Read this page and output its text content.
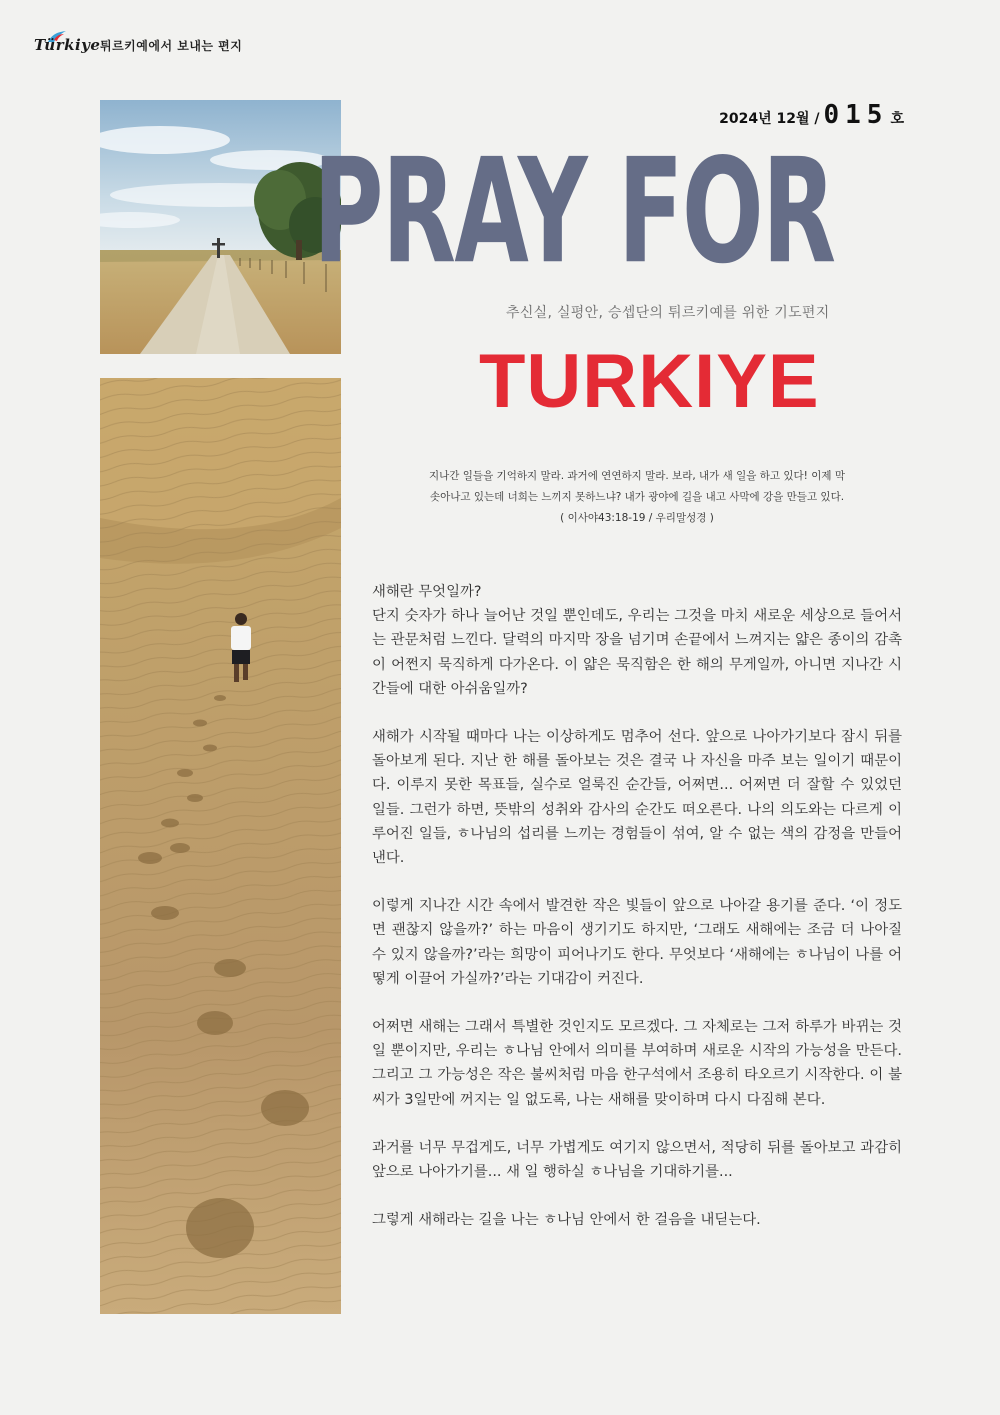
Türkiye 튀르키예에서 보내는 편지
2024년 12월 / 015 호
PRAY FOR
추신실, 실평안, 승셉단의 튀르키예를 위한 기도편지
TURKIYE
지나간 일들을 기억하지 말라. 과거에 연연하지 말라. 보라, 내가 새 일을 하고 있다! 이제 막
솟아나고 있는데 너희는 느끼지 못하느냐? 내가 광야에 길을 내고 사막에 강을 만들고 있다.
( 이사야43:18-19 / 우리말성경 )

새해란 무엇일까?
단지 숫자가 하나 늘어난 것일 뿐인데도, 우리는 그것을 마치 새로운 세상으로 들어서는 관문처럼 느낀다. 달력의 마지막 장을 넘기며 손끝에서 느껴지는 얇은 종이의 감촉이 어쩐지 묵직하게 다가온다. 이 얇은 묵직함은 한 해의 무게일까, 아니면 지나간 시간들에 대한 아쉬움일까?

새해가 시작될 때마다 나는 이상하게도 멈추어 선다. 앞으로 나아가기보다 잠시 뒤를 돌아보게 된다. 지난 한 해를 돌아보는 것은 결국 나 자신을 마주 보는 일이기 때문이다. 이루지 못한 목표들, 실수로 얼룩진 순간들, 어쩌면... 어쩌면 더 잘할 수 있었던 일들. 그런가 하면, 뜻밖의 성취와 감사의 순간도 떠오른다. 나의 의도와는 다르게 이루어진 일들, ㅎ나님의 섭리를 느끼는 경험들이 섞여, 알 수 없는 색의 감정을 만들어낸다.

이렇게 지나간 시간 속에서 발견한 작은 빛들이 앞으로 나아갈 용기를 준다. ‘이 정도면 괜찮지 않을까?’ 하는 마음이 생기기도 하지만, ‘그래도 새해에는 조금 더 나아질 수 있지 않을까?’라는 희망이 피어나기도 한다. 무엇보다 ‘새해에는 ㅎ나님이 나를 어떻게 이끌어 가실까?’라는 기대감이 커진다.

어쩌면 새해는 그래서 특별한 것인지도 모르겠다. 그 자체로는 그저 하루가 바뀌는 것일 뿐이지만, 우리는 ㅎ나님 안에서 의미를 부여하며 새로운 시작의 가능성을 만든다. 그리고 그 가능성은 작은 불씨처럼 마음 한구석에서 조용히 타오르기 시작한다. 이 불씨가 3일만에 꺼지는 일 없도록, 나는 새해를 맞이하며 다시 다짐해 본다.

과거를 너무 무겁게도, 너무 가볍게도 여기지 않으면서, 적당히 뒤를 돌아보고 과감히 앞으로 나아가기를... 새 일 행하실 ㅎ나님을 기대하기를...

그렇게 새해라는 길을 나는 ㅎ나님 안에서 한 걸음을 내딛는다.
